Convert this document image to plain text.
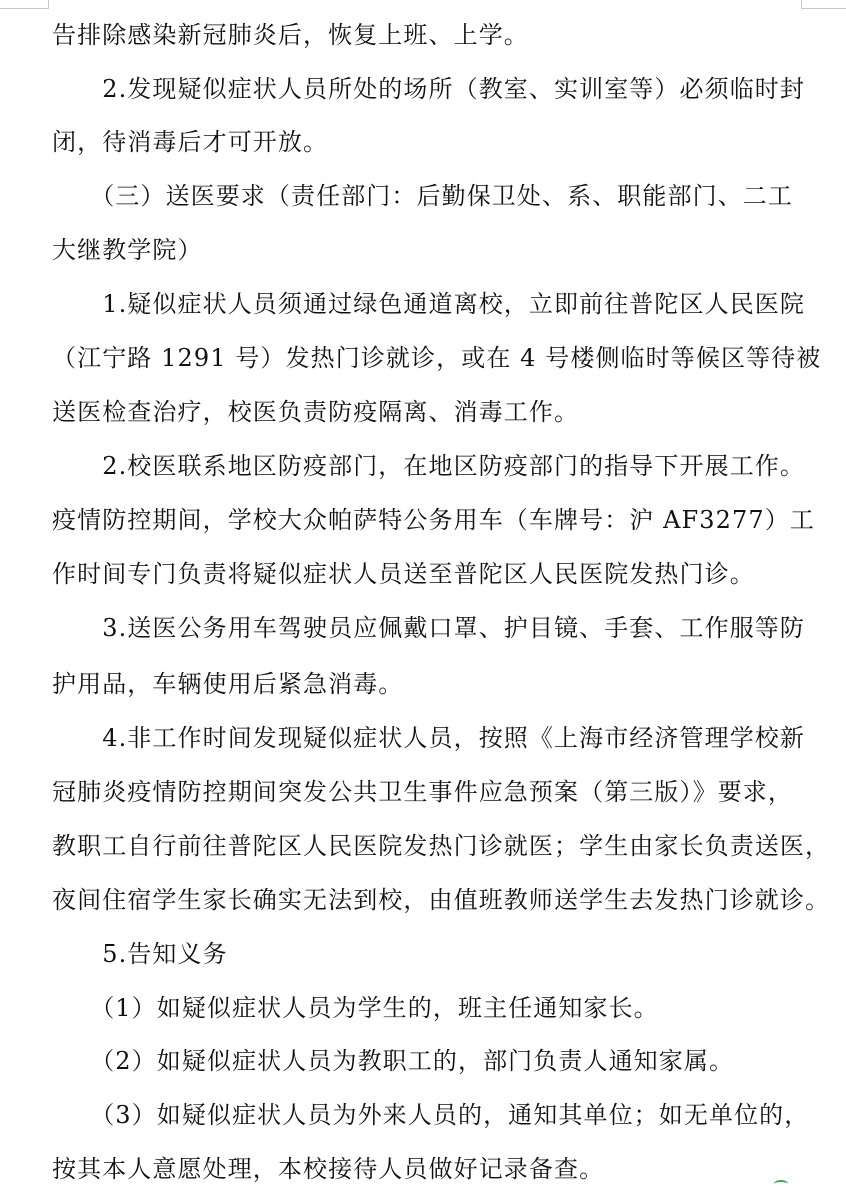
告排除感染新冠肺炎后，恢复上班、上学。
　　2.发现疑似症状人员所处的场所（教室、实训室等）必须临时封
闭，待消毒后才可开放。
　　（三）送医要求（责任部门：后勤保卫处、系、职能部门、二工
大继教学院）
　　1.疑似症状人员须通过绿色通道离校，立即前往普陀区人民医院
（江宁路 1291 号）发热门诊就诊，或在 4 号楼侧临时等候区等待被
送医检查治疗，校医负责防疫隔离、消毒工作。
　　2.校医联系地区防疫部门，在地区防疫部门的指导下开展工作。
疫情防控期间，学校大众帕萨特公务用车（车牌号：沪 AF3277）工
作时间专门负责将疑似症状人员送至普陀区人民医院发热门诊。
　　3.送医公务用车驾驶员应佩戴口罩、护目镜、手套、工作服等防
护用品，车辆使用后紧急消毒。
　　4.非工作时间发现疑似症状人员，按照《上海市经济管理学校新
冠肺炎疫情防控期间突发公共卫生事件应急预案（第三版）》要求，
教职工自行前往普陀区人民医院发热门诊就医；学生由家长负责送医，
夜间住宿学生家长确实无法到校，由值班教师送学生去发热门诊就诊。
　　5.告知义务
　　（1）如疑似症状人员为学生的，班主任通知家长。
　　（2）如疑似症状人员为教职工的，部门负责人通知家属。
　　（3）如疑似症状人员为外来人员的，通知其单位；如无单位的，
按其本人意愿处理，本校接待人员做好记录备查。
